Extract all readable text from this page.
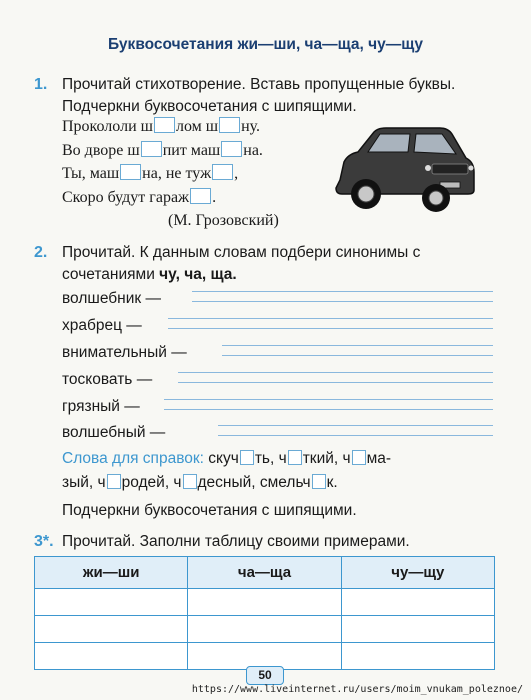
Буквосочетания жи—ши, ча—ща, чу—щу
1. Прочитай стихотворение. Вставь пропущенные буквы.
Подчеркни буквосочетания с шипящими.
Прокололи ш лом ш ну.
Во дворе ш пит маш на.
Ты, маш на, не туж ,
Скоро будут гараж .
(М. Грозовский)
2. Прочитай. К данным словам подбери синонимы с
сочетаниями чу, ча, ща.
волшебник —
храбрец —
внимательный —
тосковать —
грязный —
волшебный —
Слова для справок: скуч ть, ч ткий, ч ма-
зый, ч родей, ч десный, смельч к.
Подчеркни буквосочетания с шипящими.
3*. Прочитай. Заполни таблицу своими примерами.
жи—ши	ча—ща	чу—щу

50
https://www.liveinternet.ru/users/moim_vnukam_poleznoe/
